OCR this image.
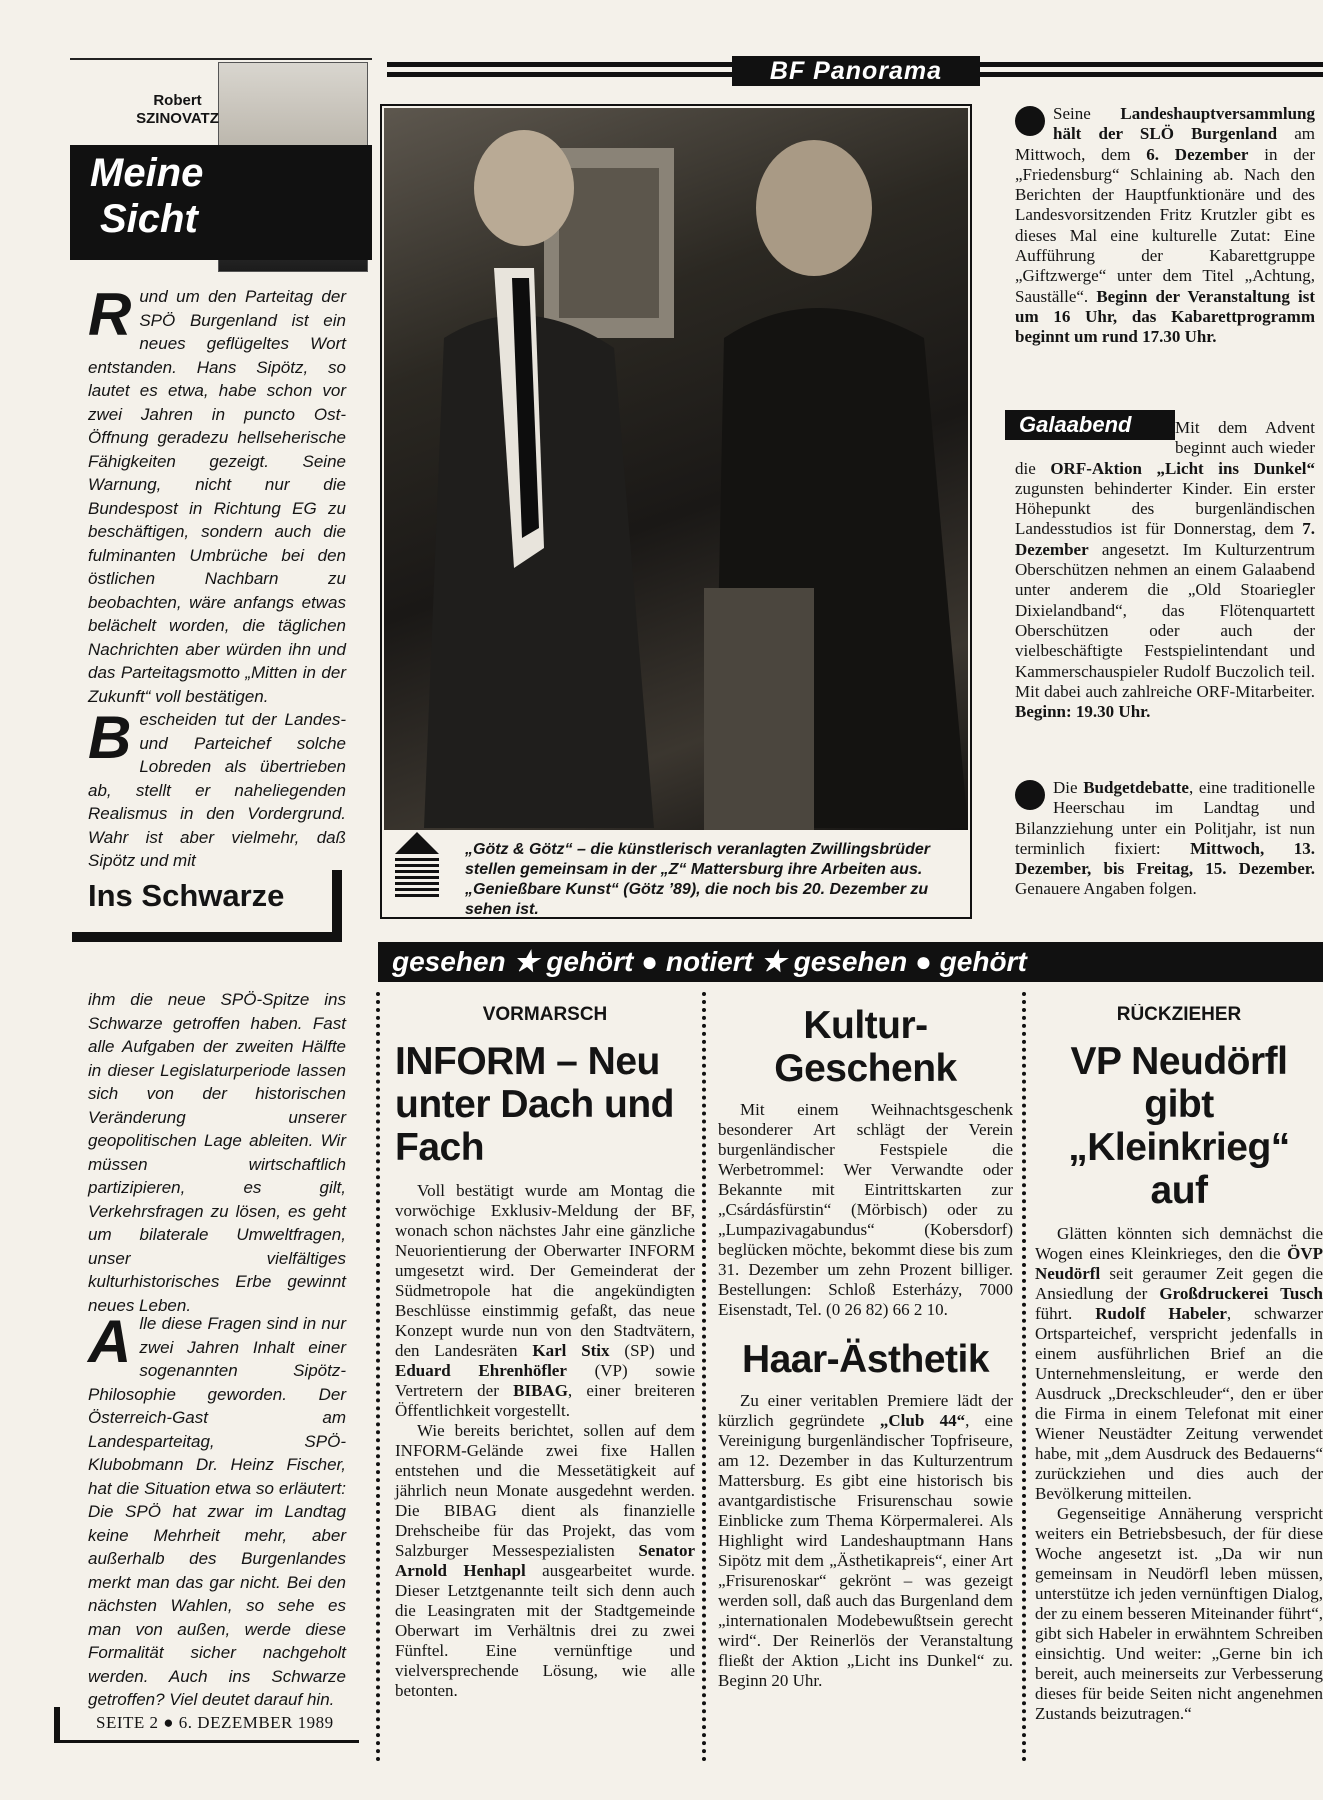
Robert
SZINOVATZ
Meine
Sicht
Rund um den Parteitag der SPÖ Burgenland ist ein neues geflügeltes Wort entstanden. Hans Sipötz, so lautet es etwa, habe schon vor zwei Jahren in puncto Ost-Öffnung geradezu hellseherische Fähigkeiten gezeigt. Seine Warnung, nicht nur die Bundespost in Richtung EG zu beschäftigen, sondern auch die fulminanten Umbrüche bei den östlichen Nachbarn zu beobachten, wäre anfangs etwas belächelt worden, die täglichen Nachrichten aber würden ihn und das Parteitagsmotto „Mitten in der Zukunft“ voll bestätigen.
Bescheiden tut der Landes- und Parteichef solche Lobreden als übertrieben ab, stellt er naheliegenden Realismus in den Vordergrund. Wahr ist aber vielmehr, daß Sipötz und mit
Ins Schwarze
ihm die neue SPÖ-Spitze ins Schwarze getroffen haben. Fast alle Aufgaben der zweiten Hälfte in dieser Legislaturperiode lassen sich von der historischen Veränderung unserer geopolitischen Lage ableiten. Wir müssen wirtschaftlich partizipieren, es gilt, Verkehrsfragen zu lösen, es geht um bilaterale Umweltfragen, unser vielfältiges kulturhistorisches Erbe gewinnt neues Leben.
Alle diese Fragen sind in nur zwei Jahren Inhalt einer sogenannten Sipötz-Philosophie geworden. Der Österreich-Gast am Landesparteitag, SPÖ-Klubobmann Dr. Heinz Fischer, hat die Situation etwa so erläutert: Die SPÖ hat zwar im Landtag keine Mehrheit mehr, aber außerhalb des Burgenlandes merkt man das gar nicht. Bei den nächsten Wahlen, so sehe es man von außen, werde diese Formalität sicher nachgeholt werden. Auch ins Schwarze getroffen? Viel deutet darauf hin.
SEITE 2 ● 6. DEZEMBER 1989
BF Panorama
„Götz & Götz“ – die künstlerisch veranlagten Zwillingsbrüder stellen gemeinsam in der „Z“ Mattersburg ihre Arbeiten aus. „Genießbare Kunst“ (Götz ’89), die noch bis 20. Dezember zu sehen ist.
Seine Landeshauptversammlung hält der SLÖ Burgenland am Mittwoch, dem 6. Dezember in der „Friedensburg“ Schlaining ab. Nach den Berichten der Hauptfunktionäre und des Landesvorsitzenden Fritz Krutzler gibt es dieses Mal eine kulturelle Zutat: Eine Aufführung der Kabarettgruppe „Giftzwerge“ unter dem Titel „Achtung, Sauställe“. Beginn der Veranstaltung ist um 16 Uhr, das Kabarettprogramm beginnt um rund 17.30 Uhr.
Galaabend	Mit dem Advent beginnt auch wieder die ORF-Aktion „Licht ins Dunkel“ zugunsten behinderter Kinder. Ein erster Höhepunkt des burgenländischen Landesstudios ist für Donnerstag, dem 7. Dezember angesetzt. Im Kulturzentrum Oberschützen nehmen an einem Galaabend unter anderem die „Old Stoariegler Dixielandband“, das Flötenquartett Oberschützen oder auch der vielbeschäftigte Festspielintendant und Kammerschauspieler Rudolf Buczolich teil. Mit dabei auch zahlreiche ORF-Mitarbeiter. Beginn: 19.30 Uhr.
Die Budgetdebatte, eine traditionelle Heerschau im Landtag und Bilanzziehung unter ein Politjahr, ist nun terminlich fixiert: Mittwoch, 13. Dezember, bis Freitag, 15. Dezember. Genauere Angaben folgen.
gesehen ★ gehört ● notiert ★ gesehen ● gehört
VORMARSCH
INFORM – Neu unter Dach und Fach
Voll bestätigt wurde am Montag die vorwöchige Exklusiv-Meldung der BF, wonach schon nächstes Jahr eine gänzliche Neuorientierung der Oberwarter INFORM umgesetzt wird. Der Gemeinderat der Südmetropole hat die angekündigten Beschlüsse einstimmig gefaßt, das neue Konzept wurde nun von den Stadtvätern, den Landesräten Karl Stix (SP) und Eduard Ehrenhöfler (VP) sowie Vertretern der BIBAG, einer breiteren Öffentlichkeit vorgestellt.
Wie bereits berichtet, sollen auf dem INFORM-Gelände zwei fixe Hallen entstehen und die Messetätigkeit auf jährlich neun Monate ausgedehnt werden. Die BIBAG dient als finanzielle Drehscheibe für das Projekt, das vom Salzburger Messespezialisten Senator Arnold Henhapl ausgearbeitet wurde. Dieser Letztgenannte teilt sich denn auch die Leasingraten mit der Stadtgemeinde Oberwart im Verhältnis drei zu zwei Fünftel. Eine vernünftige und vielversprechende Lösung, wie alle betonten.
Kultur-Geschenk
Mit einem Weihnachtsgeschenk besonderer Art schlägt der Verein burgenländischer Festspiele die Werbetrommel: Wer Verwandte oder Bekannte mit Eintrittskarten zur „Csárdásfürstin“ (Mörbisch) oder zu „Lumpazivagabundus“ (Kobersdorf) beglücken möchte, bekommt diese bis zum 31. Dezember um zehn Prozent billiger. Bestellungen: Schloß Esterházy, 7000 Eisenstadt, Tel. (0 26 82) 66 2 10.
Haar-Ästhetik
Zu einer veritablen Premiere lädt der kürzlich gegründete „Club 44“, eine Vereinigung burgenländischer Topfriseure, am 12. Dezember in das Kulturzentrum Mattersburg. Es gibt eine historisch bis avantgardistische Frisurenschau sowie Einblicke zum Thema Körpermalerei. Als Highlight wird Landeshauptmann Hans Sipötz mit dem „Ästhetikapreis“, einer Art „Frisurenoskar“ gekrönt – was gezeigt werden soll, daß auch das Burgenland dem „internationalen Modebewußtsein gerecht wird“. Der Reinerlös der Veranstaltung fließt der Aktion „Licht ins Dunkel“ zu. Beginn 20 Uhr.
RÜCKZIEHER
VP Neudörfl gibt „Kleinkrieg“ auf
Glätten könnten sich demnächst die Wogen eines Kleinkrieges, den die ÖVP Neudörfl seit geraumer Zeit gegen die Ansiedlung der Großdruckerei Tusch führt. Rudolf Habeler, schwarzer Ortsparteichef, verspricht jedenfalls in einem ausführlichen Brief an die Unternehmensleitung, er werde den Ausdruck „Dreckschleuder“, den er über die Firma in einem Telefonat mit einer Wiener Neustädter Zeitung verwendet habe, mit „dem Ausdruck des Bedauerns“ zurückziehen und dies auch der Bevölkerung mitteilen.
Gegenseitige Annäherung verspricht weiters ein Betriebsbesuch, der für diese Woche angesetzt ist. „Da wir nun gemeinsam in Neudörfl leben müssen, unterstütze ich jeden vernünftigen Dialog, der zu einem besseren Miteinander führt“, gibt sich Habeler in erwähntem Schreiben einsichtig. Und weiter: „Gerne bin ich bereit, auch meinerseits zur Verbesserung dieses für beide Seiten nicht angenehmen Zustands beizutragen.“
